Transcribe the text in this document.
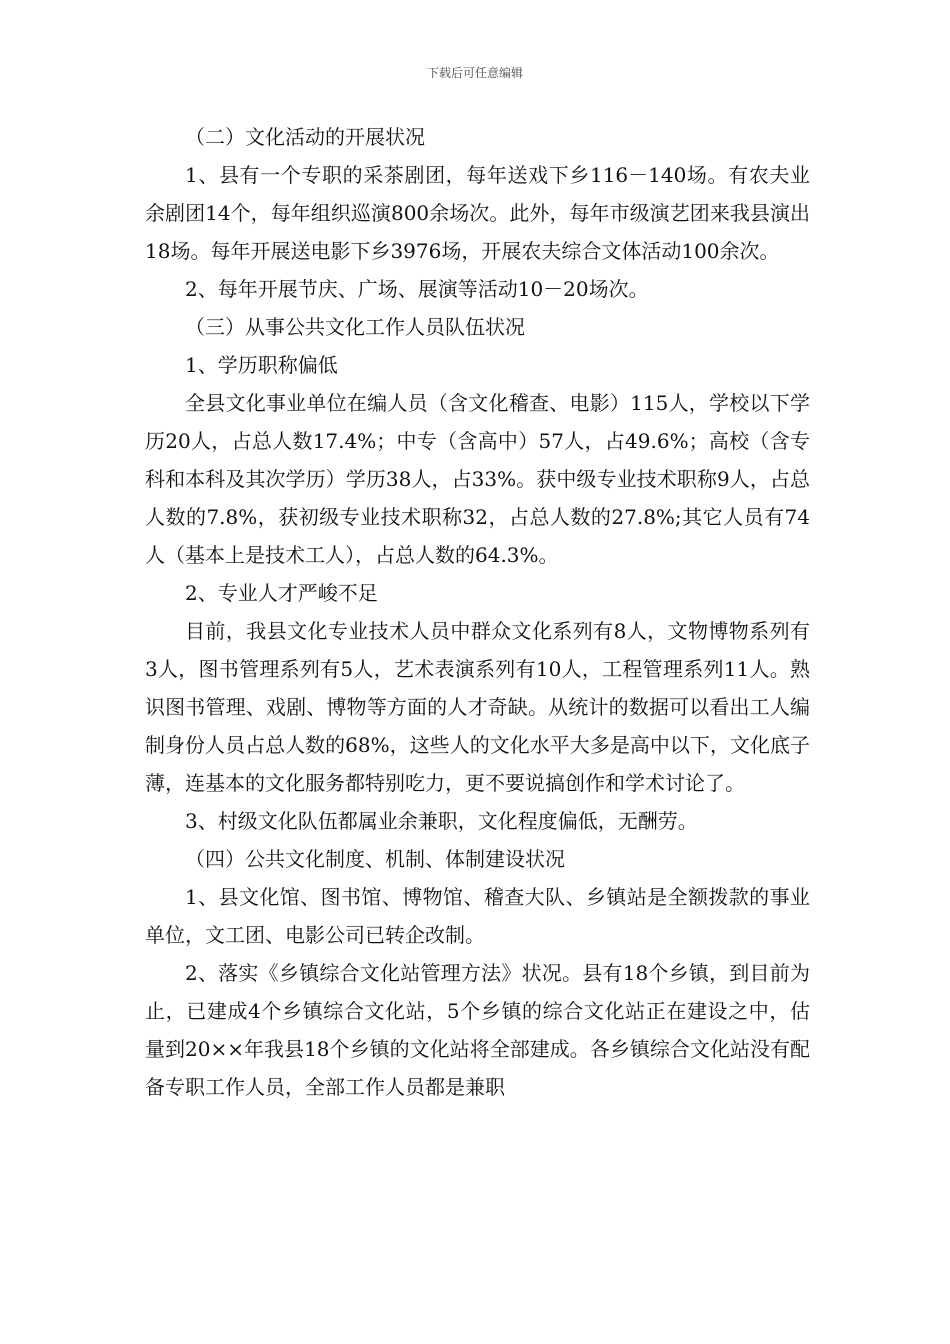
下载后可任意编辑

（二）文化活动的开展状况

1、县有一个专职的采茶剧团，每年送戏下乡116－140场。有农夫业余剧团14个，每年组织巡演800余场次。此外，每年市级演艺团来我县演出18场。每年开展送电影下乡3976场，开展农夫综合文体活动100余次。

2、每年开展节庆、广场、展演等活动10－20场次。

（三）从事公共文化工作人员队伍状况

1、学历职称偏低

全县文化事业单位在编人员（含文化稽查、电影）115人，学校以下学历20人，占总人数17.4%；中专（含高中）57人，占49.6%；高校（含专科和本科及其次学历）学历38人，占33%。获中级专业技术职称9人，占总人数的7.8%，获初级专业技术职称32，占总人数的27.8%;其它人员有74人（基本上是技术工人），占总人数的64.3%。

2、专业人才严峻不足

目前，我县文化专业技术人员中群众文化系列有8人，文物博物系列有3人，图书管理系列有5人，艺术表演系列有10人，工程管理系列11人。熟识图书管理、戏剧、博物等方面的人才奇缺。从统计的数据可以看出工人编制身份人员占总人数的68%，这些人的文化水平大多是高中以下，文化底子薄，连基本的文化服务都特别吃力，更不要说搞创作和学术讨论了。

3、村级文化队伍都属业余兼职，文化程度偏低，无酬劳。

（四）公共文化制度、机制、体制建设状况

1、县文化馆、图书馆、博物馆、稽查大队、乡镇站是全额拨款的事业单位，文工团、电影公司已转企改制。

2、落实《乡镇综合文化站管理方法》状况。县有18个乡镇，到目前为止，已建成4个乡镇综合文化站，5个乡镇的综合文化站正在建设之中，估量到20××年我县18个乡镇的文化站将全部建成。各乡镇综合文化站没有配备专职工作人员，全部工作人员都是兼职
